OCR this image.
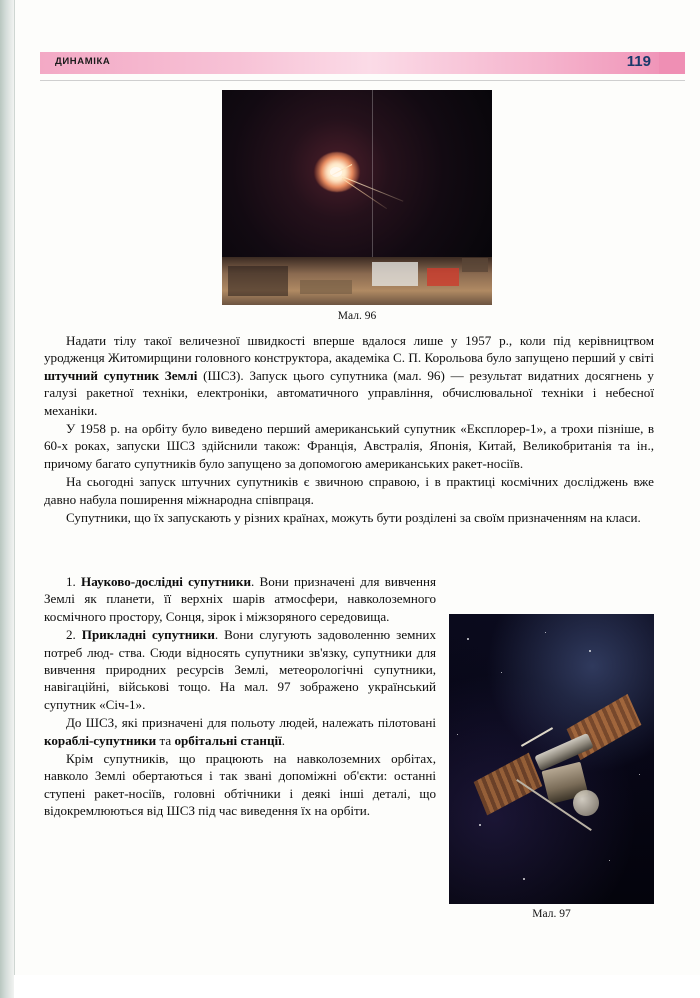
ДИНАМІКА	119
Мал. 96

Надати тілу такої величезної швидкості вперше вдалося лише у 1957 р., коли під керівництвом уродженця Житомирщини головного конструктора, академіка С. П. Корольова було запущено перший у світі штучний супутник Землі (ШСЗ). Запуск цього супутника (мал. 96) — результат видатних досягнень у галузі ракетної техніки, електроніки, автоматичного управління, обчислювальної техніки і небесної механіки.

У 1958 р. на орбіту було виведено перший американський супутник «Експлорер-1», а трохи пізніше, в 60-х роках, запуски ШСЗ здійснили також: Франція, Австралія, Японія, Китай, Великобританія та ін., причому багато супутників було запущено за допомогою американських ракет-носіїв.

На сьогодні запуск штучних супутників є звичною справою, і в практиці космічних досліджень вже давно набула поширення міжнародна співпраця.

Супутники, що їх запускають у різних країнах, можуть бути розділені за своїм призначенням на класи.

1. Науково-дослідні супутники. Вони призначені для вивчення Землі як планети, її верхніх шарів атмосфери, навколоземного космічного простору, Сонця, зірок і міжзоряного середовища.

2. Прикладні супутники. Вони слугують задоволенню земних потреб люд- ства. Сюди відносять супутники зв'язку, супутники для вивчення природних ресурсів Землі, метеорологічні супутники, навігаційні, військові тощо. На мал. 97 зображено український супутник «Січ-1».

До ШСЗ, які призначені для польоту людей, належать пілотовані кораблі-супутники та орбітальні станції.

Крім супутників, що працюють на навколоземних орбітах, навколо Землі обертаються і так звані допоміжні об'єкти: останні ступені ракет-носіїв, головні обтічники і деякі інші деталі, що відокремлюються від ШСЗ під час виведення їх на орбіти.

Мал. 97
